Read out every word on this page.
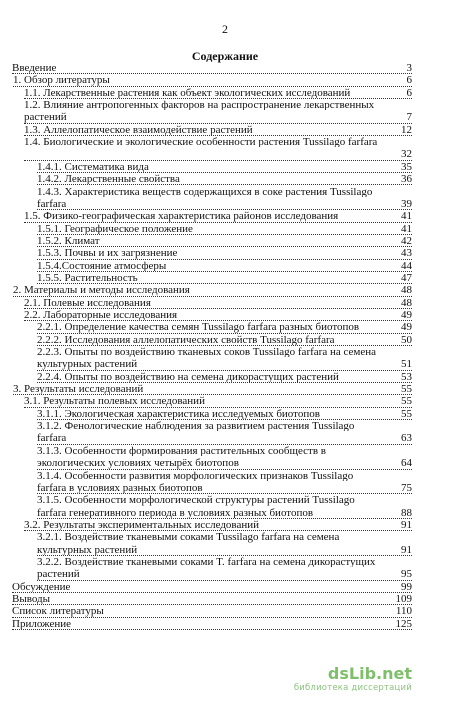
2
Содержание
Введение	3
1. Обзор литературы	6
1.1. Лекарственные растения как объект экологических исследований	6
1.2. Влияние антропогенных факторов на распространение лекарственных
растений	7
1.3. Аллелопатическое взаимодействие растений	12
1.4. Биологические и экологические особенности растения Tussilago farfara
32
1.4.1. Систематика вида	35
1.4.2. Лекарственные свойства	36
1.4.3. Характеристика веществ содержащихся в соке растения Tussilago
farfara	39
1.5. Физико-географическая характеристика районов исследования	41
1.5.1. Географическое положение	41
1.5.2. Климат	42
1.5.3. Почвы и их загрязнение	43
1.5.4.Состояние атмосферы	44
1.5.5. Растительность	47
2. Материалы и методы исследования	48
2.1. Полевые исследования	48
2.2. Лабораторные исследования	49
2.2.1. Определение качества семян Tussilago farfara разных биотопов	49
2.2.2. Исследования аллелопатических свойств Tussilago farfara	50
2.2.3. Опыты по воздействию тканевых соков Tussilago farfara на семена
культурных растений	51
2.2.4. Опыты по воздействию на семена дикорастущих растений	53
3. Результаты исследований	55
3.1. Результаты полевых исследований	55
3.1.1. Экологическая характеристика исследуемых биотопов	55
3.1.2. Фенологические наблюдения за развитием растения Tussilago
farfara	63
3.1.3. Особенности формирования растительных сообществ в
экологических условиях четырёх биотопов	64
3.1.4. Особенности развития морфологических признаков Tussilago
farfara в условиях разных биотопов	75
3.1.5. Особенности морфологической структуры растений Tussilago
farfara генеративного периода в условиях разных биотопов	88
3.2. Результаты экспериментальных исследований	91
3.2.1. Воздействие тканевыми соками Tussilago farfara на семена
культурных растений	91
3.2.2. Воздействие тканевыми соками T. farfara на семена дикорастущих
растений	95
Обсуждение	99
Выводы	109
Список литературы	110
Приложение	125
dsLib.net
библиотека диссертаций
